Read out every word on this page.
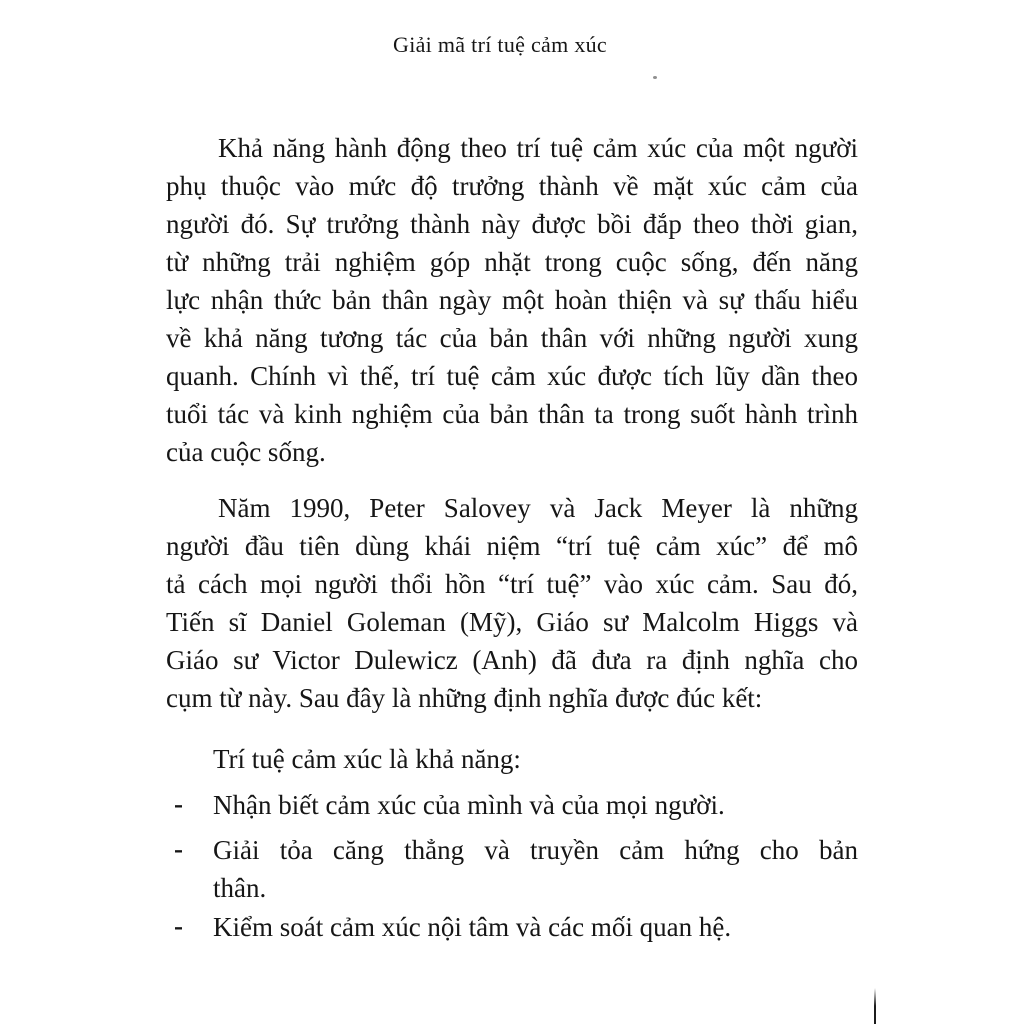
Giải mã trí tuệ cảm xúc
Khả năng hành động theo trí tuệ cảm xúc của một người
phụ thuộc vào mức độ trưởng thành về mặt xúc cảm của
người đó. Sự trưởng thành này được bồi đắp theo thời gian,
từ những trải nghiệm góp nhặt trong cuộc sống, đến năng
lực nhận thức bản thân ngày một hoàn thiện và sự thấu hiểu
về khả năng tương tác của bản thân với những người xung
quanh. Chính vì thế, trí tuệ cảm xúc được tích lũy dần theo
tuổi tác và kinh nghiệm của bản thân ta trong suốt hành trình
của cuộc sống.
Năm 1990, Peter Salovey và Jack Meyer là những
người đầu tiên dùng khái niệm “trí tuệ cảm xúc” để mô
tả cách mọi người thổi hồn “trí tuệ” vào xúc cảm. Sau đó,
Tiến sĩ Daniel Goleman (Mỹ), Giáo sư Malcolm Higgs và
Giáo sư Victor Dulewicz (Anh) đã đưa ra định nghĩa cho
cụm từ này. Sau đây là những định nghĩa được đúc kết:
Trí tuệ cảm xúc là khả năng:
- Nhận biết cảm xúc của mình và của mọi người.
- Giải tỏa căng thẳng và truyền cảm hứng cho bản
thân.
- Kiểm soát cảm xúc nội tâm và các mối quan hệ.
